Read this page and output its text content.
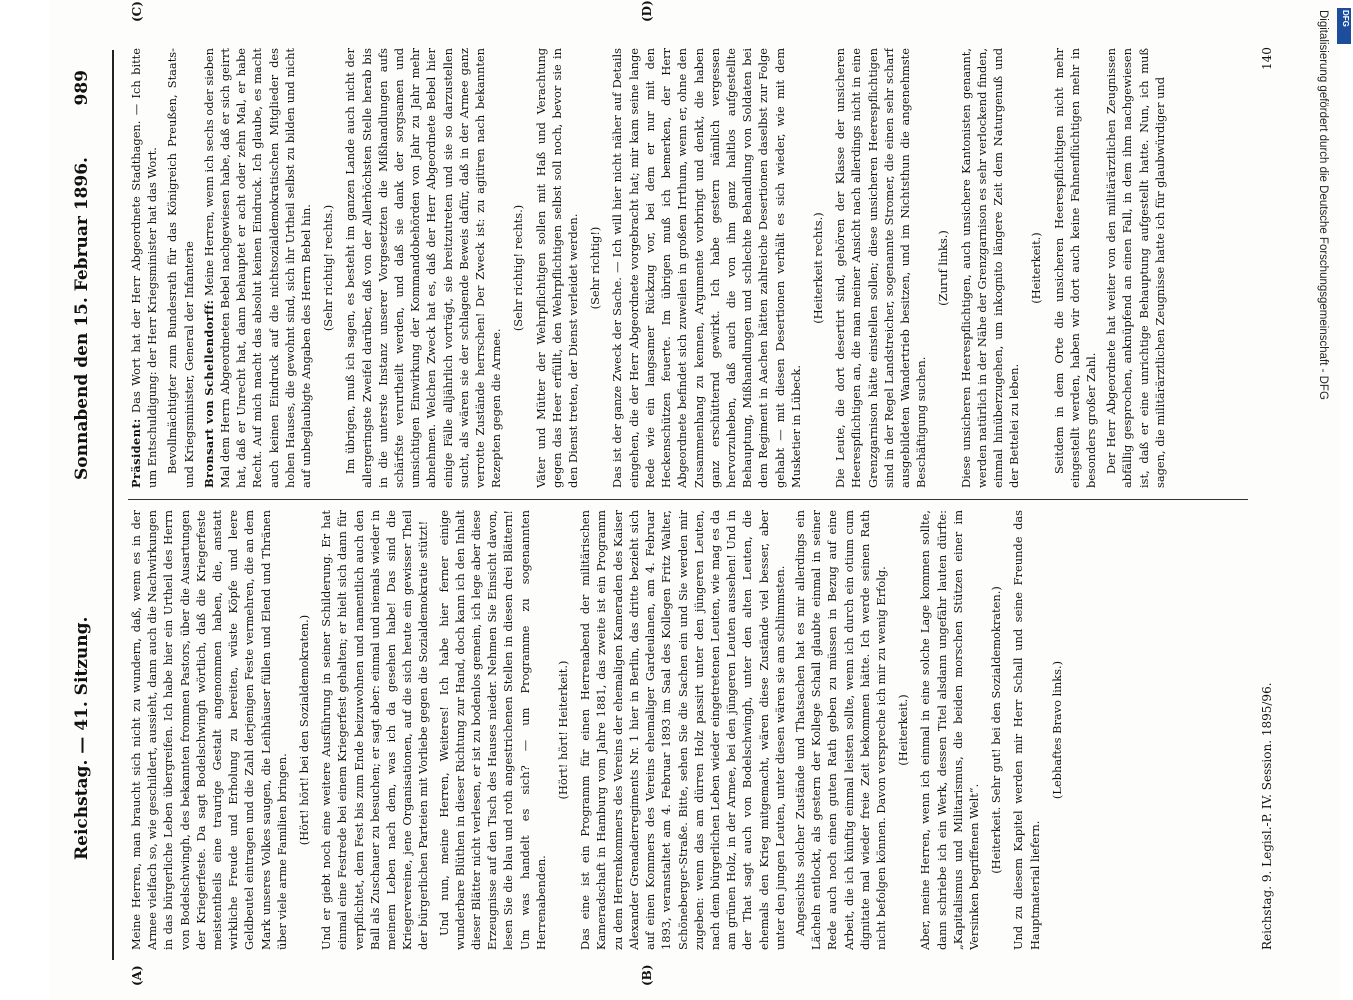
Reichstag. — 41. Sitzung.
Sonnabend den 15. Februar 1896.
989
(A)	(B)
(C)	(D)

Meine Herren, man braucht sich nicht zu wundern, daß, wenn es in der Armee vielfach so, wie geschildert, aussieht, dann auch die Nachwirkungen in das bürgerliche Leben übergreifen. Ich habe hier ein Urtheil des Herrn von Bodelschwingh, des bekannten frommen Pastors, über die Ausartungen der Kriegerfeste. Da sagt Bodelschwingh wörtlich, daß die Kriegerfeste meistentheils eine traurige Gestalt angenommen haben, die, anstatt wirkliche Freude und Erholung zu bereiten, wüste Köpfe und leere Geldbeutel eintragen und die Zahl derjenigen Feste vermehren, die an dem Mark unseres Volkes saugen, die Leihhäuser füllen und Elend und Thränen über viele arme Familien bringen.

(Hört! hört! bei den Sozialdemokraten.) Und er giebt noch eine weitere Ausführung in seiner Schilderung. Er hat einmal eine Festrede bei einem Kriegerfest gehalten; er hielt sich dann für verpflichtet, dem Fest bis zum Ende beizuwohnen und namentlich auch den Ball als Zuschauer zu besuchen; er sagt aber: einmal und niemals wieder in meinem Leben nach dem, was ich da gesehen habe! Das sind die Kriegervereine, jene Organisationen, auf die sich heute ein gewisser Theil der bürgerlichen Parteien mit Vorliebe gegen die Sozialdemokratie stützt! Und nun, meine Herren, Weiteres! Ich habe hier ferner einige wunderbare Blüthen in dieser Richtung zur Hand, doch kann ich den Inhalt dieser Blätter nicht verlesen, er ist zu bodenlos gemein, ich lege aber diese Erzeugnisse auf den Tisch des Hauses nieder. Nehmen Sie Einsicht davon, lesen Sie die blau und roth angestrichenen Stellen in diesen drei Blättern! Um was handelt es sich? — um Programme zu sogenannten Herrenabenden.

(Hört! hört! Heiterkeit.) Das eine ist ein Programm für einen Herrenabend der militärischen Kameradschaft in Hamburg vom Jahre 1881, das zweite ist ein Programm zu dem Herrenkommers des Vereins der ehemaligen Kameraden des Kaiser Alexander Grenadierregiments Nr. 1 hier in Berlin, das dritte bezieht sich auf einen Kommers des Vereins ehemaliger Gardeulanen, am 4. Februar 1893, veranstaltet am 4. Februar 1893 im Saal des Kollegen Fritz Walter, Schöneberger-Straße. Bitte, sehen Sie die Sachen ein und Sie werden mir zugeben: wenn das am dürren Holz passirt unter den jüngeren Leuten, nach dem bürgerlichen Leben wieder eingetretenen Leuten, wie mag es da am grünen Holz, in der Armee, bei den jüngeren Leuten aussehen! Und in der That sagt auch von Bodelschwingh, unter den alten Leuten, die ehemals den Krieg mitgemacht, wären diese Zustände viel besser, aber unter den jungen Leuten, unter diesen wären sie am schlimmsten. Angesichts solcher Zustände und Thatsachen hat es mir allerdings ein Lächeln entlockt, als gestern der Kollege Schall glaubte einmal in seiner Rede auch noch einen guten Rath geben zu müssen in Bezug auf eine Arbeit, die ich künftig einmal leisten sollte, wenn ich durch ein otium cum dignitate mal wieder freie Zeit bekommen hätte. Ich werde seinen Rath nicht befolgen können. Davon verspreche ich mir zu wenig Erfolg. (Heiterkeit.) Aber, meine Herren, wenn ich einmal in eine solche Lage kommen sollte, dann schriebe ich ein Werk, dessen Titel alsdann ungefähr lauten dürfte: „Kapitalismus und Militarismus, die beiden morschen Stützen einer im Versinken begriffenen Welt“. (Heiterkeit. Sehr gut! bei den Sozialdemokraten.) Und zu diesem Kapitel werden mir Herr Schall und seine Freunde das Hauptmaterial liefern.

(Lebhaftes Bravo links.)

Präsident: Das Wort hat der Herr Abgeordnete Stadthagen. — Ich bitte um Entschuldigung: der Herr Kriegsminister hat das Wort. Bevollmächtigter zum Bundesrath für das Königreich Preußen, Staats- und Kriegsminister, General der Infanterie Bronsart von Schellendorff: Meine Herren, wenn ich sechs oder sieben Mal dem Herrn Abgeordneten Bebel nachgewiesen habe, daß er sich geirrt hat, daß er Unrecht hat, dann behauptet er acht oder zehn Mal, er habe Recht. Auf mich macht das absolut keinen Eindruck. Ich glaube, es macht auch keinen Eindruck auf die nichtsozialdemokratischen Mitglieder des hohen Hauses, die gewohnt sind, sich ihr Urtheil selbst zu bilden und nicht auf unbeglaubigte Angaben des Herrn Bebel hin. (Sehr richtig! rechts.) Im übrigen, muß ich sagen, es besteht im ganzen Lande auch nicht der allergeringste Zweifel darüber, daß von der Allerhöchsten Stelle herab bis in die unterste Instanz unserer Vorgesetzten die Mißhandlungen aufs schärfste verurtheilt werden, und daß sie dank der sorgsamen und umsichtigen Einwirkung der Kommandobehörden von Jahr zu Jahr mehr abnehmen. Welchen Zweck hat es, daß der Herr Abgeordnete Bebel hier einige Fälle alljährlich vorträgt, sie breitzutreten und sie so darzustellen sucht, als wären sie der schlagende Beweis dafür, daß in der Armee ganz verrotte Zustände herrschen! Der Zweck ist: zu agitiren nach bekannten Rezepten gegen die Armee.

(Sehr richtig! rechts.) Väter und Mütter der Wehrpflichtigen sollen mit Haß und Verachtung gegen das Heer erfüllt, den Wehrpflichtigen selbst soll noch, bevor sie in den Dienst treten, der Dienst verleidet werden. (Sehr richtig!) Das ist der ganze Zweck der Sache. — Ich will hier nicht näher auf Details eingehen, die der Herr Abgeordnete vorgebracht hat; mir kam seine lange Rede wie ein langsamer Rückzug vor, bei dem er nur mit den Heckenschützen feuerte. Im übrigen muß ich bemerken, der Herr Abgeordnete befindet sich zuweilen in großem Irrthum, wenn er, ohne den Zusammenhang zu kennen, Argumente vorbringt und denkt, die haben ganz erschütternd gewirkt. Ich habe gestern nämlich vergessen hervorzuheben, daß auch die von ihm ganz haltlos aufgestellte Behauptung, Mißhandlungen und schlechte Behandlung von Soldaten bei dem Regiment in Aachen hätten zahlreiche Desertionen daselbst zur Folge gehabt — mit diesen Desertionen verhält es sich wieder, wie mit dem Musketier in Lübeck.

(Heiterkeit rechts.) Die Leute, die dort desertirt sind, gehören der Klasse der unsicheren Heerespflichtigen an, die man meiner Ansicht nach allerdings nicht in eine Grenzgarnison hätte einstellen sollen; diese unsicheren Heerespflichtigen sind in der Regel Landstreicher, sogenannte Stromer, die einen sehr scharf ausgebildeten Wandertrieb besitzen, und im Nichtsthun die angenehmste Beschäftigung suchen.

(Zuruf links.) Diese unsicheren Heerespflichtigen, auch unsichere Kantonisten genannt, werden natürlich in der Nähe der Grenzgarnison es sehr verlockend finden, einmal hinüberzugehen, um inkognito längere Zeit dem Naturgenuß und der Bettelei zu leben.

(Heiterkeit.) Seitdem in dem Orte die unsicheren Heerespflichtigen nicht mehr eingestellt werden, haben wir dort auch keine Fahnenflüchtigen mehr in besonders großer Zahl. Der Herr Abgeordnete hat weiter von den militärärztlichen Zeugnissen abfällig gesprochen, anknüpfend an einen Fall, in dem ihm nachgewiesen ist, daß er eine unrichtige Behauptung aufgestellt hatte. Nun, ich muß sagen, die militärärztlichen Zeugnisse hatte ich für glaubwürdiger und

Reichstag. 9. Legisl.-P. IV. Session. 1895/96.
140	Digitalisierung gefördert durch die Deutsche Forschungsgemeinschaft - DFG	DFG
